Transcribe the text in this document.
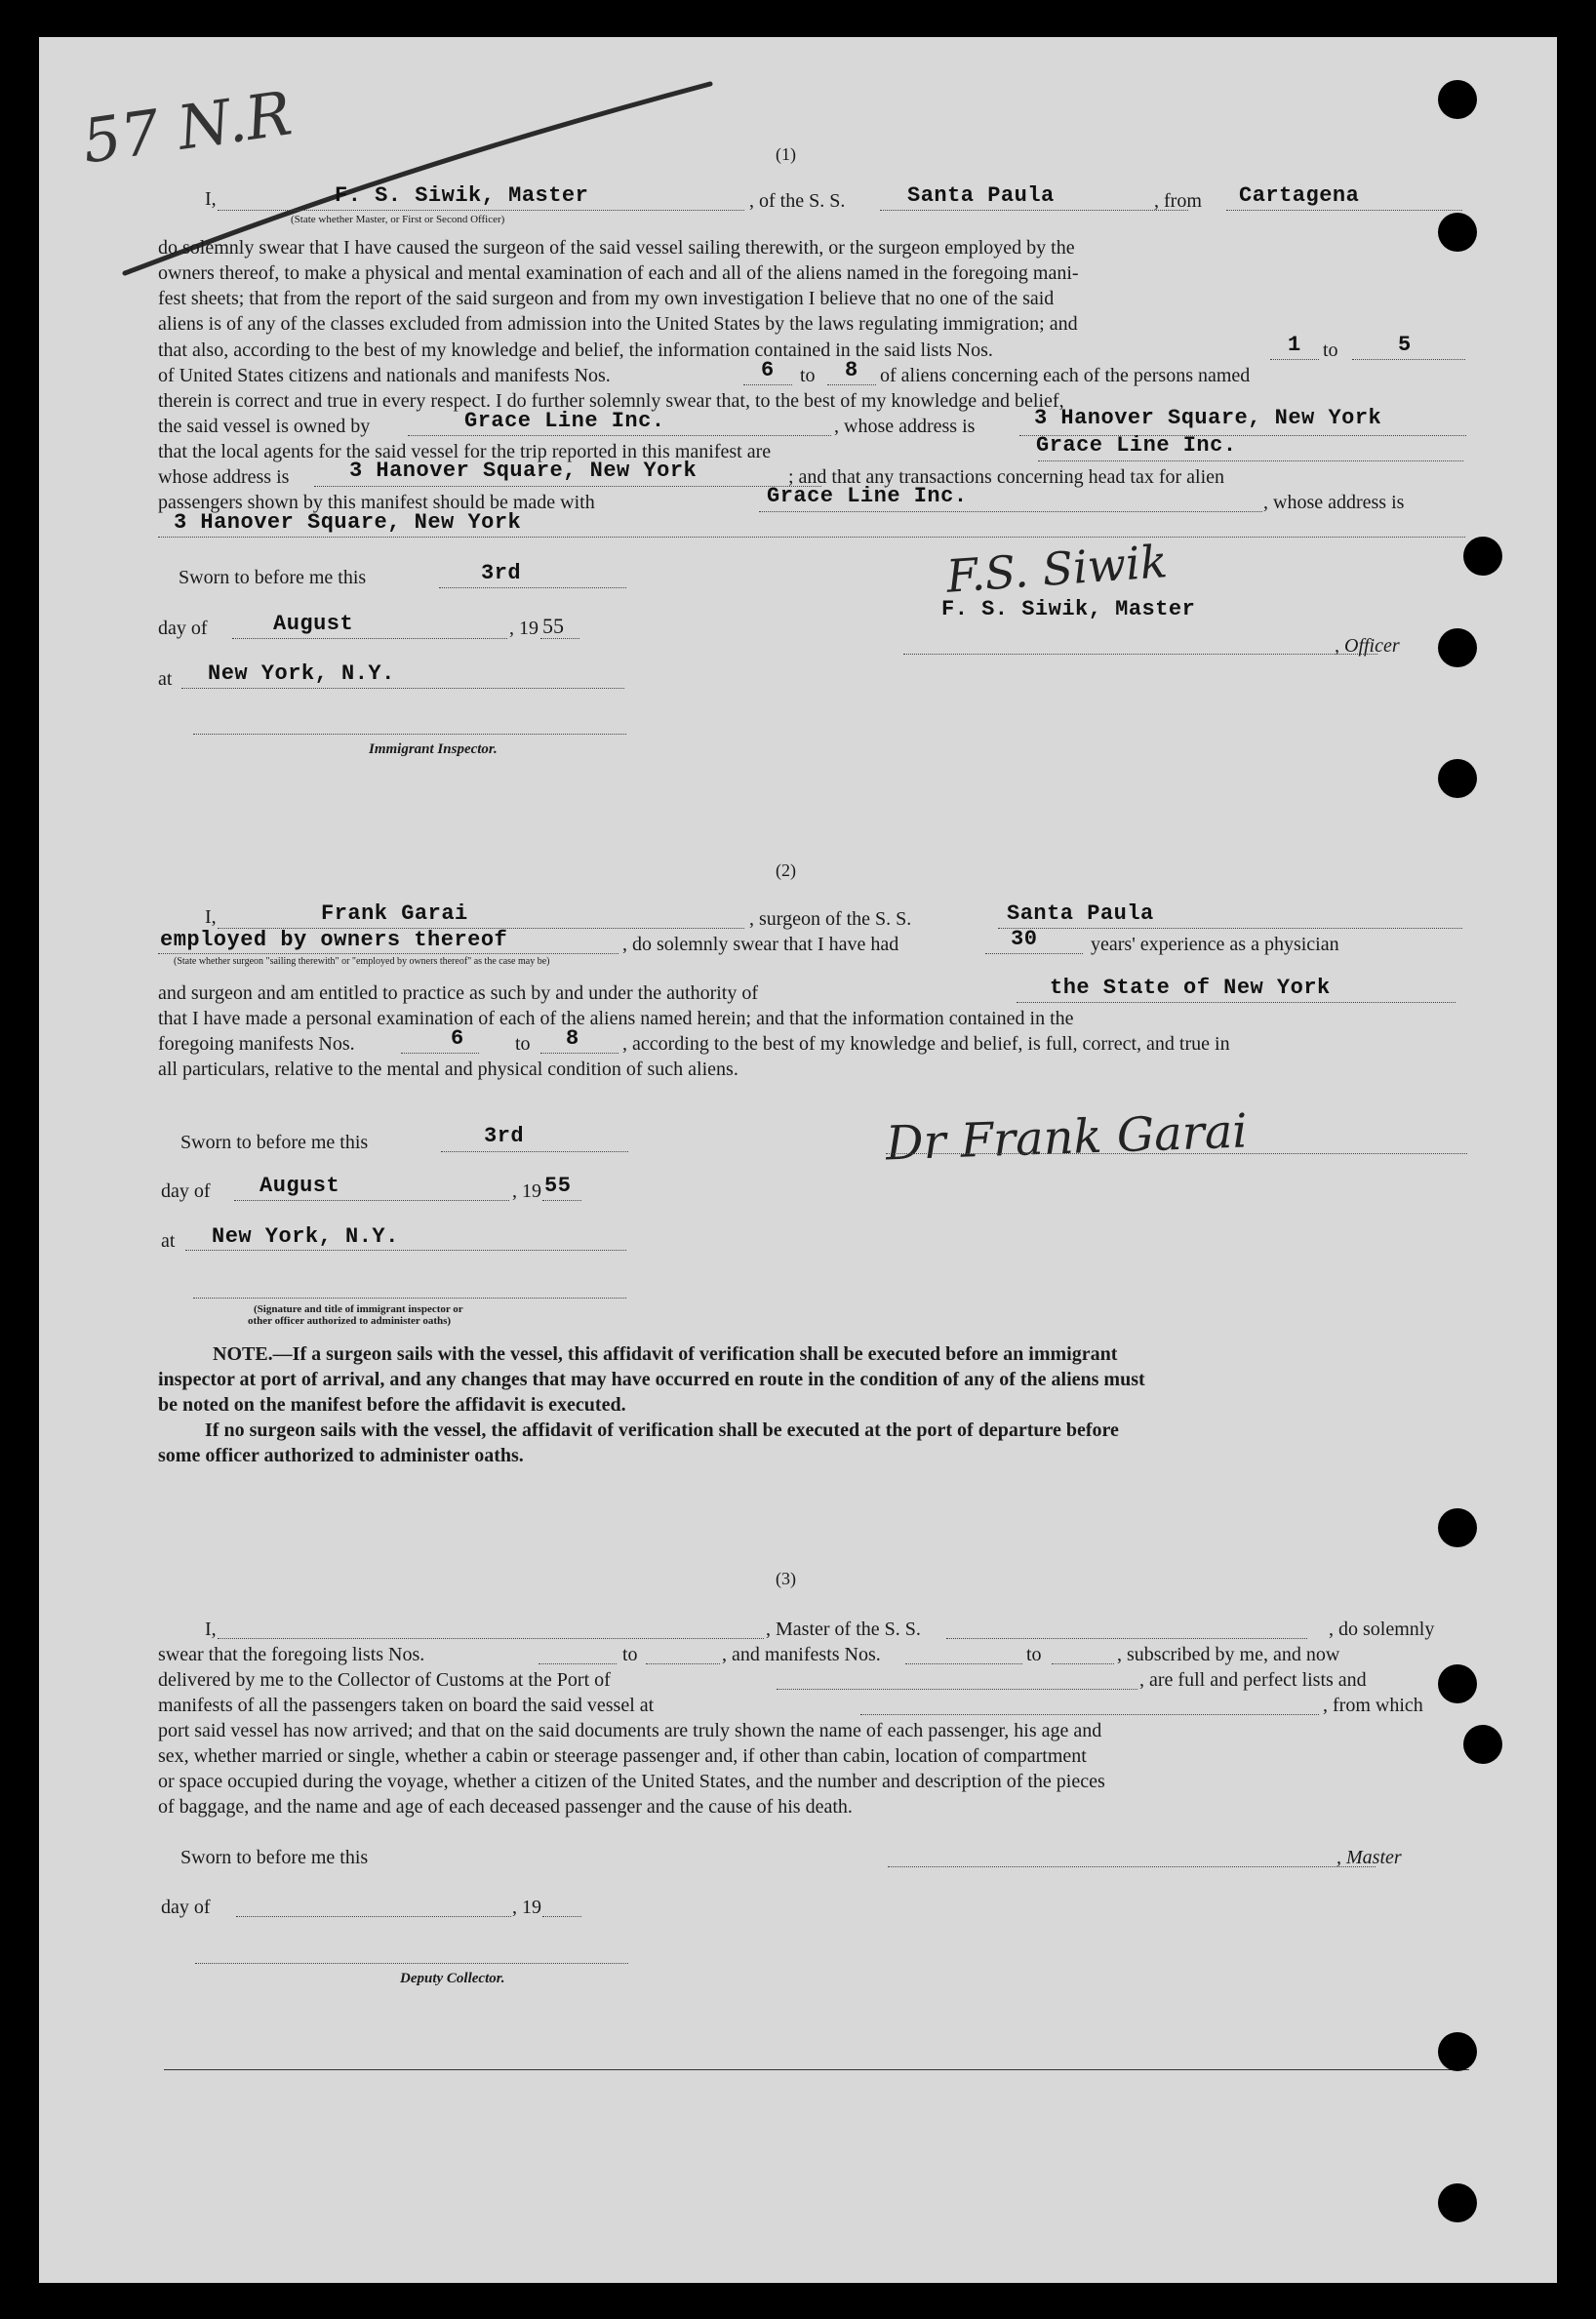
57 N.R	(1)
I,	F. S. Siwik, Master
(State whether Master, or First or Second Officer)
, of the S. S.	Santa Paula	, from Cartagena
do solemnly swear that I have caused the surgeon of the said vessel sailing therewith, or the surgeon employed by the
owners thereof, to make a physical and mental examination of each and all of the aliens named in the foregoing mani-
fest sheets; that from the report of the said surgeon and from my own investigation I believe that no one of the said
aliens is of any of the classes excluded from admission into the United States by the laws regulating immigration; and
that also, according to the best of my knowledge and belief, the information contained in the said lists Nos.	1 to	5
of United States citizens and nationals and manifests Nos.	6 to 8 of aliens concerning each of the persons named
therein is correct and true in every respect. I do further solemnly swear that, to the best of my knowledge and belief,
the said vessel is owned by	Grace Line Inc.	, whose address is	3 Hanover Square, New York
that the local agents for the said vessel for the trip reported in this manifest are	Grace Line Inc.
whose address is	3 Hanover Square, New York	; and that any transactions concerning head tax for alien
passengers shown by this manifest should be made with	Grace Line Inc.	, whose address is
3 Hanover Square, New York
Sworn to before me this	3rd
day of	August	, 19 55
at New York, N.Y.
Immigrant Inspector.
F.S. Siwik
F. S. Siwik, Master
, Officer
(2)
I,	Frank Garai	, surgeon of the S. S.	Santa Paula
employed by owners thereof
(State whether surgeon "sailing therewith" or "employed by owners thereof" as the case may be)
, do solemnly swear that I have had	30	years' experience as a physician
and surgeon and am entitled to practice as such by and under the authority of	the State of New York
that I have made a personal examination of each of the aliens named herein; and that the information contained in the
foregoing manifests Nos.	6	to 8 , according to the best of my knowledge and belief, is full, correct, and true in
all particulars, relative to the mental and physical condition of such aliens.
Dr Frank Garai
Sworn to before me this	3rd
day of August	, 19 55
at New York, N.Y.
(Signature and title of immigrant inspector or
other officer authorized to administer oaths)
NOTE.—If a surgeon sails with the vessel, this affidavit of verification shall be executed before an immigrant
inspector at port of arrival, and any changes that may have occurred en route in the condition of any of the aliens must
be noted on the manifest before the affidavit is executed.
If no surgeon sails with the vessel, the affidavit of verification shall be executed at the port of departure before
some officer authorized to administer oaths.
(3)
I,	, Master of the S. S.	, do solemnly
swear that the foregoing lists Nos.	to	, and manifests Nos.	to	, subscribed by me, and now
delivered by me to the Collector of Customs at the Port of	, are full and perfect lists and
manifests of all the passengers taken on board the said vessel at	, from which
port said vessel has now arrived; and that on the said documents are truly shown the name of each passenger, his age and
sex, whether married or single, whether a cabin or steerage passenger and, if other than cabin, location of compartment
or space occupied during the voyage, whether a citizen of the United States, and the number and description of the pieces
of baggage, and the name and age of each deceased passenger and the cause of his death.
Sworn to before me this	, Master
day of	, 19
Deputy Collector.
